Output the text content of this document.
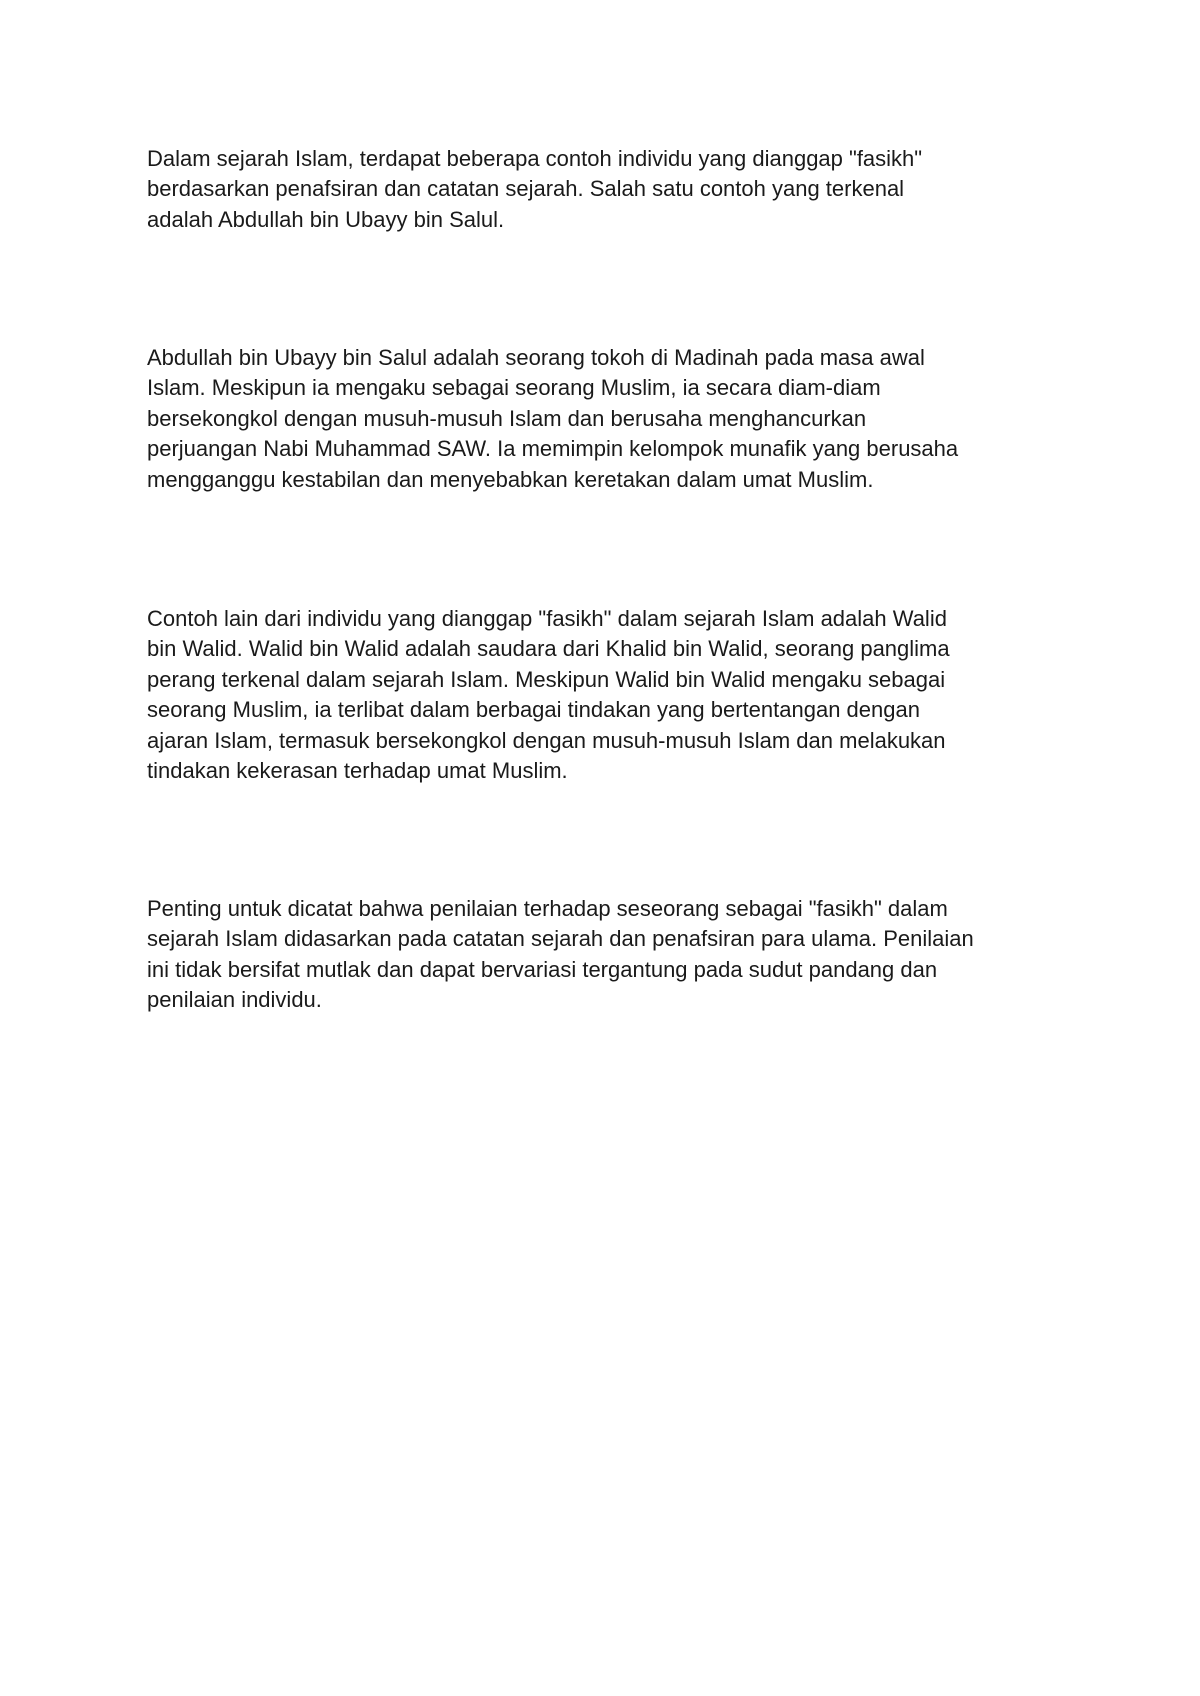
Dalam sejarah Islam, terdapat beberapa contoh individu yang dianggap "fasikh"
berdasarkan penafsiran dan catatan sejarah. Salah satu contoh yang terkenal
adalah Abdullah bin Ubayy bin Salul.

Abdullah bin Ubayy bin Salul adalah seorang tokoh di Madinah pada masa awal
Islam. Meskipun ia mengaku sebagai seorang Muslim, ia secara diam-diam
bersekongkol dengan musuh-musuh Islam dan berusaha menghancurkan
perjuangan Nabi Muhammad SAW. Ia memimpin kelompok munafik yang berusaha
mengganggu kestabilan dan menyebabkan keretakan dalam umat Muslim.

Contoh lain dari individu yang dianggap "fasikh" dalam sejarah Islam adalah Walid
bin Walid. Walid bin Walid adalah saudara dari Khalid bin Walid, seorang panglima
perang terkenal dalam sejarah Islam. Meskipun Walid bin Walid mengaku sebagai
seorang Muslim, ia terlibat dalam berbagai tindakan yang bertentangan dengan
ajaran Islam, termasuk bersekongkol dengan musuh-musuh Islam dan melakukan
tindakan kekerasan terhadap umat Muslim.

Penting untuk dicatat bahwa penilaian terhadap seseorang sebagai "fasikh" dalam
sejarah Islam didasarkan pada catatan sejarah dan penafsiran para ulama. Penilaian
ini tidak bersifat mutlak dan dapat bervariasi tergantung pada sudut pandang dan
penilaian individu.
